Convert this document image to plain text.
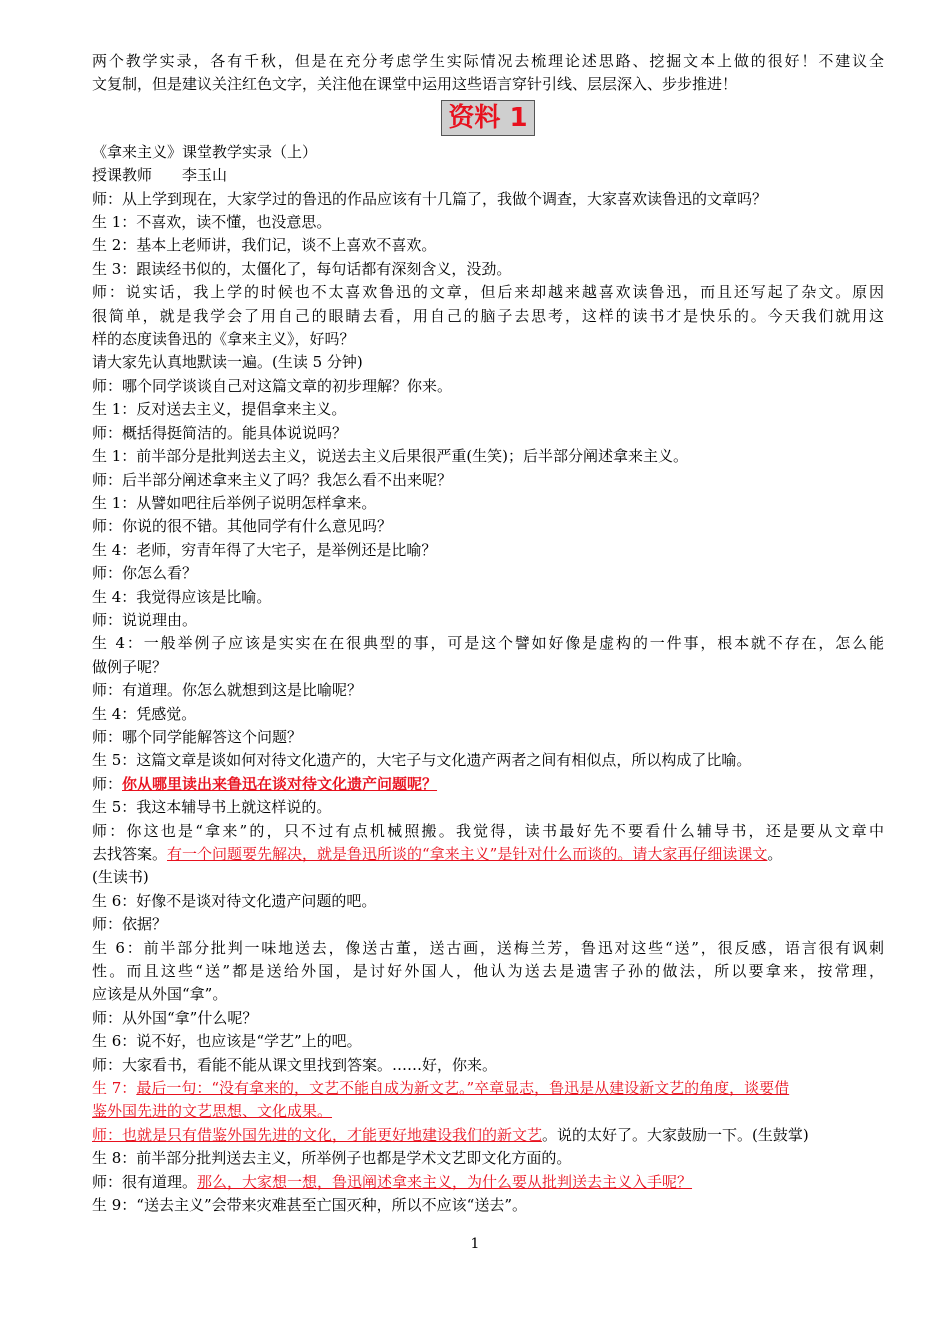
两个教学实录，各有千秋，但是在充分考虑学生实际情况去梳理论述思路、挖掘文本上做的很好！不建议全
文复制，但是建议关注红色文字，关注他在课堂中运用这些语言穿针引线、层层深入、步步推进！
资料 1
《拿来主义》课堂教学实录（上）
授课教师　　李玉山
师：从上学到现在，大家学过的鲁迅的作品应该有十几篇了，我做个调查，大家喜欢读鲁迅的文章吗？
生 1：不喜欢，读不懂，也没意思。
生 2：基本上老师讲，我们记，谈不上喜欢不喜欢。
生 3：跟读经书似的，太僵化了，每句话都有深刻含义，没劲。
师：说实话，我上学的时候也不太喜欢鲁迅的文章，但后来却越来越喜欢读鲁迅，而且还写起了杂文。原因
很简单，就是我学会了用自己的眼睛去看，用自己的脑子去思考，这样的读书才是快乐的。今天我们就用这
样的态度读鲁迅的《拿来主义》，好吗？
请大家先认真地默读一遍。(生读 5 分钟)
师：哪个同学谈谈自己对这篇文章的初步理解？你来。
生 1：反对送去主义，提倡拿来主义。
师：概括得挺简洁的。能具体说说吗？
生 1：前半部分是批判送去主义，说送去主义后果很严重(生笑)；后半部分阐述拿来主义。
师：后半部分阐述拿来主义了吗？我怎么看不出来呢？
生 1：从譬如吧往后举例子说明怎样拿来。
师：你说的很不错。其他同学有什么意见吗？
生 4：老师，穷青年得了大宅子，是举例还是比喻？
师：你怎么看？
生 4：我觉得应该是比喻。
师：说说理由。
生 4：一般举例子应该是实实在在很典型的事，可是这个譬如好像是虚构的一件事，根本就不存在，怎么能
做例子呢？
师：有道理。你怎么就想到这是比喻呢？
生 4：凭感觉。
师：哪个同学能解答这个问题？
生 5：这篇文章是谈如何对待文化遗产的，大宅子与文化遗产两者之间有相似点，所以构成了比喻。
师：你从哪里读出来鲁迅在谈对待文化遗产问题呢？
生 5：我这本辅导书上就这样说的。
师：你这也是“拿来”的，只不过有点机械照搬。我觉得，读书最好先不要看什么辅导书，还是要从文章中
去找答案。有一个问题要先解决，就是鲁迅所谈的“拿来主义”是针对什么而谈的。请大家再仔细读课文。
(生读书)
生 6：好像不是谈对待文化遗产问题的吧。
师：依据？
生 6：前半部分批判一味地送去，像送古董，送古画，送梅兰芳，鲁迅对这些“送”，很反感，语言很有讽刺
性。而且这些“送”都是送给外国，是讨好外国人，他认为送去是遗害子孙的做法，所以要拿来，按常理，
应该是从外国“拿”。
师：从外国“拿”什么呢？
生 6：说不好，也应该是“学艺”上的吧。
师：大家看书，看能不能从课文里找到答案。……好，你来。
生 7：最后一句：“没有拿来的，文艺不能自成为新文艺。”卒章显志，鲁迅是从建设新文艺的角度，谈要借
鉴外国先进的文艺思想、文化成果。
师：也就是只有借鉴外国先进的文化，才能更好地建设我们的新文艺。说的太好了。大家鼓励一下。(生鼓掌)
生 8：前半部分批判送去主义，所举例子也都是学术文艺即文化方面的。
师：很有道理。那么，大家想一想，鲁迅阐述拿来主义，为什么要从批判送去主义入手呢？
生 9：“送去主义”会带来灾难甚至亡国灭种，所以不应该“送去”。
1
